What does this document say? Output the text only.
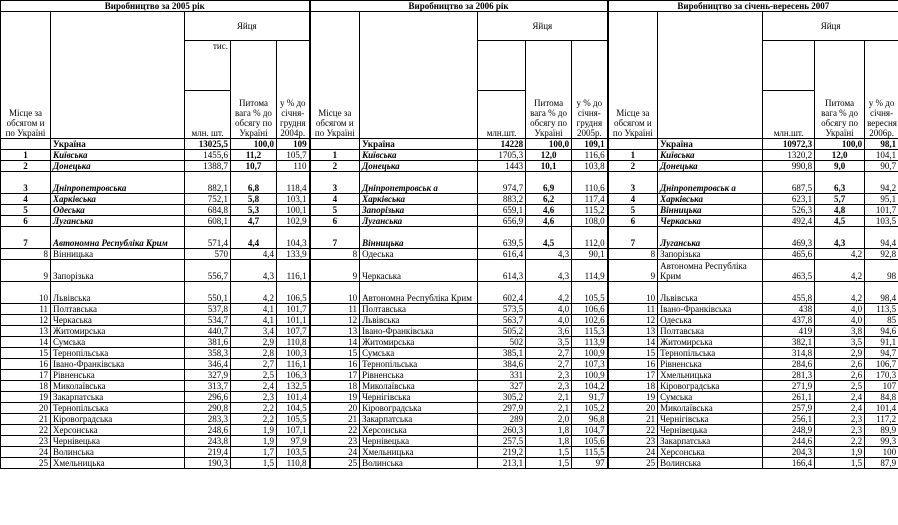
Виробництво за 2005 рік					Виробництво за 2006 рік					Виробництво за січень-вересень 2007				
Місце за обсягом и по Україні		Яйця			Місце за обсягом и по Україні		Яйця			Місце за обсягом и по Україні		Яйця		
		тис.	Питома вага % до обсягу по Україні	у % до січня-грудня 2004р.				Питома вага % до обсягу по Україні	у % до січня-грудня 2005р.				Питома вага % до обсягу по Україні	у % до січня-вересня 2006р.
		млн. шт.					млн.шт.					млн.шт.		
	Україна	13025,5	100,0	109		Україна	14228	100,0	109,1		Україна	10972,3	100,0	98,1
1	Київська	1455,6	11,2	105,7	1	Київська	1705,3	12,0	116,6	1	Київська	1320,2	12,0	104,1
2	Донецька	1388,7	10,7	110	2	Донецька	1443	10,1	103,8	2	Донецька	990,8	9,0	90,7
3	Дніпропетровська	882,1	6,8	118,4	3	Дніпропетровськ а	974,7	6,9	110,6	3	Дніпропетровськ а	687,5	6,3	94,2
4	Харківська	752,1	5,8	103,1	4	Харківська	883,2	6,2	117,4	4	Харківська	623,1	5,7	95,1
5	Одеська	684,8	5,3	100,1	5	Запорізька	659,1	4,6	115,2	5	Вінницька	526,3	4,8	101,7
6	Луганська	608,1	4,7	102,9	6	Луганська	656,9	4,6	108,0	6	Черкаська	492,4	4,5	103,5
7	Автономна Республіка Крим	571,4	4,4	104,3	7	Вінницька	639,5	4,5	112,0	7	Луганська	469,3	4,3	94,4
8	Вінницька	570	4,4	133,9	8	Одеська	616,4	4,3	90,1	8	Запорізька	465,6	4,2	92,8
9	Запорізька	556,7	4,3	116,1	9	Черкаська	614,3	4,3	114,9	9	Автономна Республіка Крим	463,5	4,2	98
10	Львівська	550,1	4,2	106,5	10	Автономна Республіка Крим	602,4	4,2	105,5	10	Львівська	455,8	4,2	98,4
11	Полтавська	537,8	4,1	101,7	11	Полтавська	573,5	4,0	106,6	11	Івано-Франківська	438	4,0	113,5
12	Черкаська	534,7	4,1	101,1	12	Львівська	563,7	4,0	102,6	12	Одеська	437,8	4,0	85
13	Житомирська	440,7	3,4	107,7	13	Івано-Франківська	505,2	3,6	115,3	13	Полтавська	419	3,8	94,6
14	Сумська	381,6	2,9	110,8	14	Житомирська	502	3,5	113,9	14	Житомирська	382,1	3,5	91,1
15	Тернопільська	358,3	2,8	100,3	15	Сумська	385,1	2,7	100,9	15	Тернопільська	314,8	2,9	94,7
16	Івано-Франківська	346,4	2,7	116,1	16	Тернопільська	384,6	2,7	107,3	16	Рівненська	284,6	2,6	106,7
17	Рівненська	327,9	2,5	106,3	17	Рівненська	331	2,3	100,9	17	Хмельницька	281,3	2,6	170,3
18	Миколаївська	313,7	2,4	132,5	18	Миколаївська	327	2,3	104,2	18	Кіровоградська	271,9	2,5	107
19	Закарпатська	296,6	2,3	101,4	19	Чернігівська	305,2	2,1	91,7	19	Сумська	261,1	2,4	84,8
20	Тернопільська	290,8	2,2	104,5	20	Кіровоградська	297,9	2,1	105,2	20	Миколаївська	257,9	2,4	101,4
21	Кіровоградська	283,3	2,2	105,5	21	Закарпатська	289	2,0	96,8	21	Чернігівська	256,1	2,3	117,2
22	Херсонська	248,6	1,9	107,1	22	Херсонська	260,3	1,8	104,7	22	Чернівецька	248,9	2,3	89,9
23	Чернівецька	243,8	1,9	97,9	23	Чернівецька	257,5	1,8	105,6	23	Закарпатська	244,6	2,2	99,3
24	Волинська	219,4	1,7	103,5	24	Хмельницька	219,2	1,5	115,5	24	Херсонська	204,3	1,9	100
25	Хмельницька	190,3	1,5	110,8	25	Волинська	213,1	1,5	97	25	Волинська	166,4	1,5	87,9
